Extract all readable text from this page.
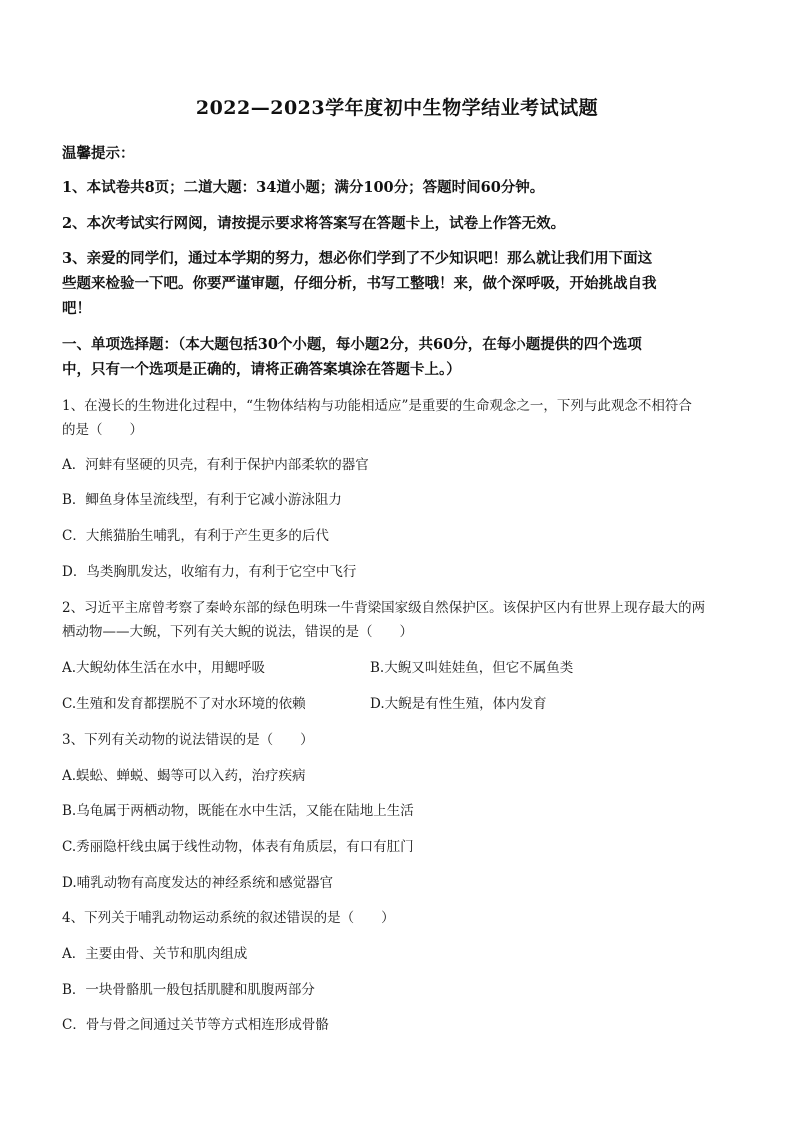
2022—2023学年度初中生物学结业考试试题
温馨提示：
1、本试卷共8页；二道大题：34道小题；满分100分；答题时间60分钟。
2、本次考试实行网阅，请按提示要求将答案写在答题卡上，试卷上作答无效。
3、亲爱的同学们，通过本学期的努力，想必你们学到了不少知识吧！那么就让我们用下面这
些题来检验一下吧。你要严谨审题，仔细分析，书写工整哦！来，做个深呼吸，开始挑战自我
吧！
一、单项选择题：（本大题包括30个小题，每小题2分，共60分，在每小题提供的四个选项
中，只有一个选项是正确的，请将正确答案填涂在答题卡上。）
1、在漫长的生物进化过程中，“生物体结构与功能相适应”是重要的生命观念之一，下列与此观念不相符合
的是（　　）
A．河蚌有坚硬的贝壳，有利于保护内部柔软的器官
B．鲫鱼身体呈流线型，有利于它减小游泳阻力
C．大熊猫胎生哺乳，有利于产生更多的后代
D．鸟类胸肌发达，收缩有力，有利于它空中飞行
2、习近平主席曾考察了秦岭东部的绿色明珠一牛背梁国家级自然保护区。该保护区内有世界上现存最大的两
栖动物——大鲵，下列有关大鲵的说法，错误的是（　　）
A.大鲵幼体生活在水中，用鳃呼吸	B.大鲵又叫娃娃鱼，但它不属鱼类
C.生殖和发育都摆脱不了对水环境的依赖	D.大鲵是有性生殖，体内发育
3、下列有关动物的说法错误的是（　　）
A.蜈蚣、蝉蜕、蝎等可以入药，治疗疾病
B.乌龟属于两栖动物，既能在水中生活，又能在陆地上生活
C.秀丽隐杆线虫属于线性动物，体表有角质层，有口有肛门
D.哺乳动物有高度发达的神经系统和感觉器官
4、下列关于哺乳动物运动系统的叙述错误的是（　　）
A．主要由骨、关节和肌肉组成
B．一块骨骼肌一般包括肌腱和肌腹两部分
C．骨与骨之间通过关节等方式相连形成骨骼
